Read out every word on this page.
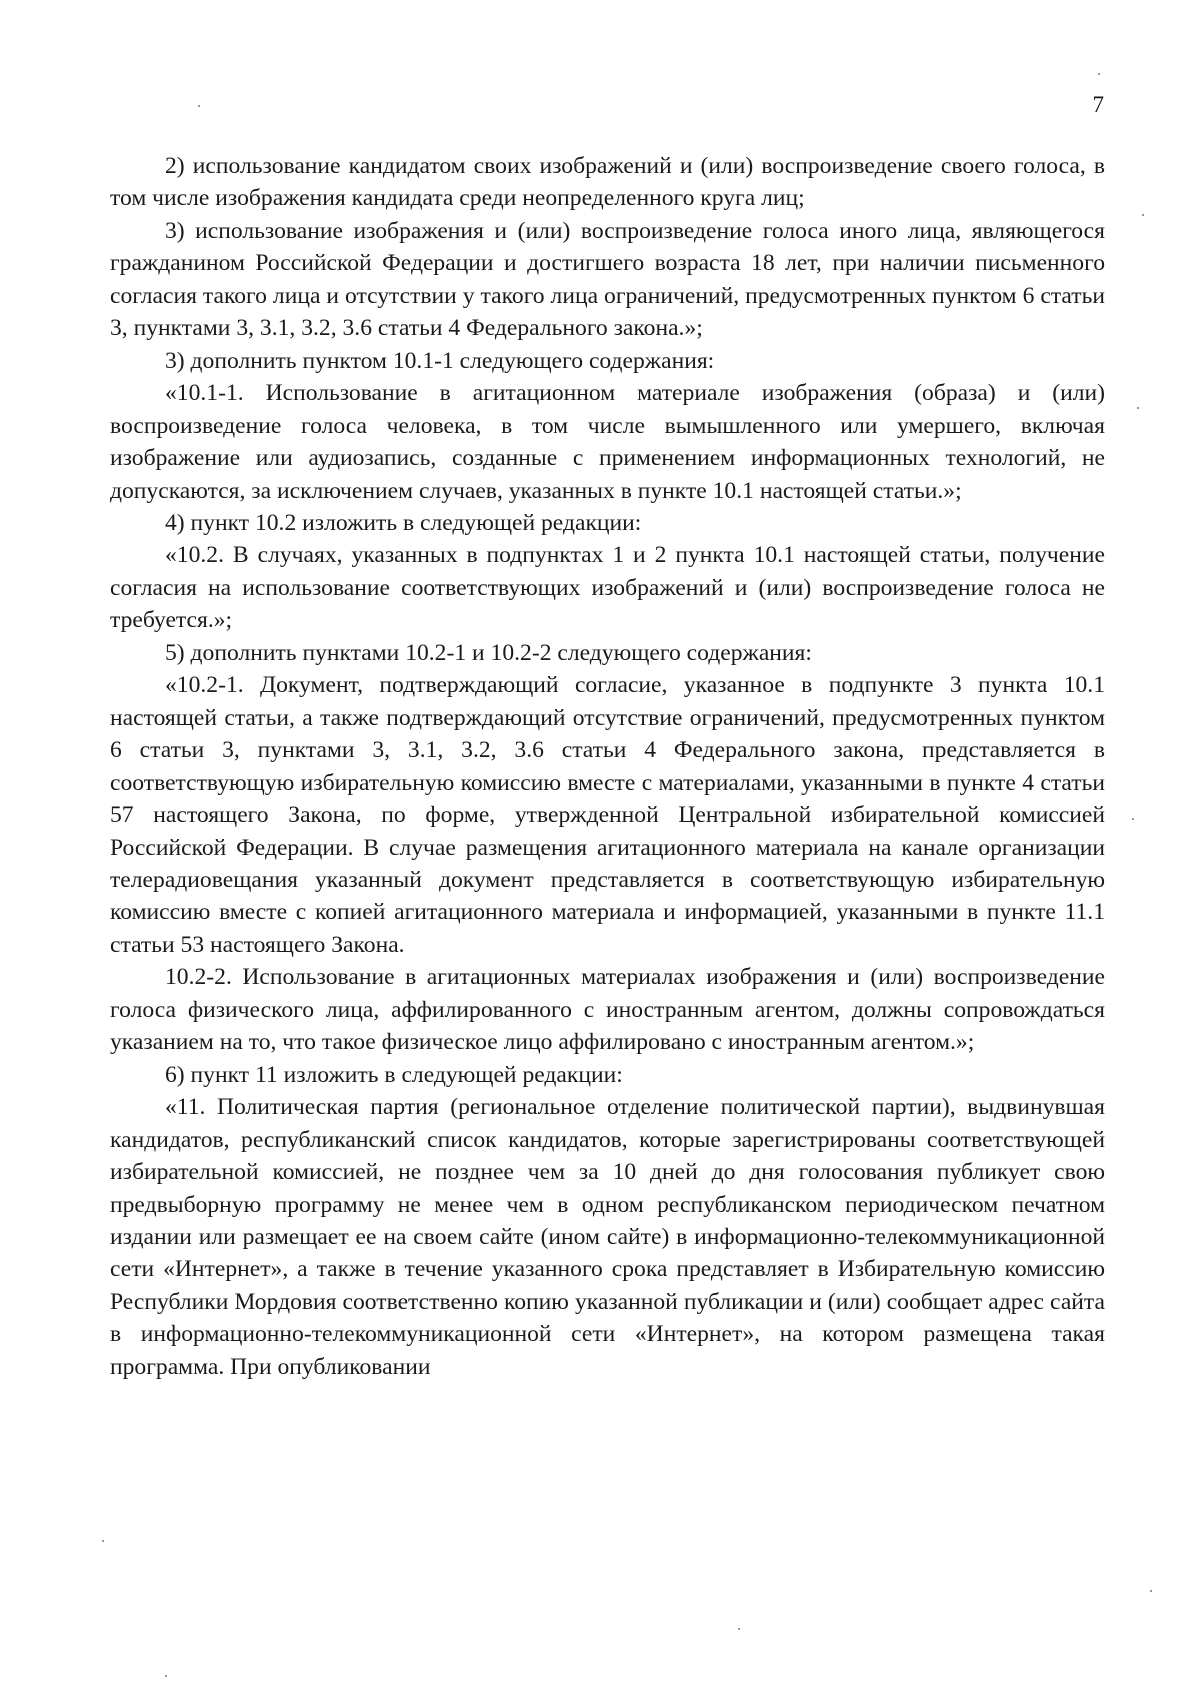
7

2) использование кандидатом своих изображений и (или) воспроизведение своего голоса, в том числе изображения кандидата среди неопределенного круга лиц;

3) использование изображения и (или) воспроизведение голоса иного лица, являющегося гражданином Российской Федерации и достигшего возраста 18 лет, при наличии письменного согласия такого лица и отсутствии у такого лица ограничений, предусмотренных пунктом 6 статьи 3, пунктами 3, 3.1, 3.2, 3.6 статьи 4 Федерального закона.»;

3) дополнить пунктом 10.1-1 следующего содержания:

«10.1-1. Использование в агитационном материале изображения (образа) и (или) воспроизведение голоса человека, в том числе вымышленного или умершего, включая изображение или аудиозапись, созданные с применением информационных технологий, не допускаются, за исключением случаев, указанных в пункте 10.1 настоящей статьи.»;

4) пункт 10.2 изложить в следующей редакции:

«10.2. В случаях, указанных в подпунктах 1 и 2 пункта 10.1 настоящей статьи, получение согласия на использование соответствующих изображений и (или) воспроизведение голоса не требуется.»;

5) дополнить пунктами 10.2-1 и 10.2-2 следующего содержания:

«10.2-1. Документ, подтверждающий согласие, указанное в подпункте 3 пункта 10.1 настоящей статьи, а также подтверждающий отсутствие ограничений, предусмотренных пунктом 6 статьи 3, пунктами 3, 3.1, 3.2, 3.6 статьи 4 Федерального закона, представляется в соответствующую избирательную комиссию вместе с материалами, указанными в пункте 4 статьи 57 настоящего Закона, по форме, утвержденной Центральной избирательной комиссией Российской Федерации. В случае размещения агитационного материала на канале организации телерадиовещания указанный документ представляется в соответствующую избирательную комиссию вместе с копией агитационного материала и информацией, указанными в пункте 11.1 статьи 53 настоящего Закона.

10.2-2. Использование в агитационных материалах изображения и (или) воспроизведение голоса физического лица, аффилированного с иностранным агентом, должны сопровождаться указанием на то, что такое физическое лицо аффилировано с иностранным агентом.»;

6) пункт 11 изложить в следующей редакции:

«11. Политическая партия (региональное отделение политической партии), выдвинувшая кандидатов, республиканский список кандидатов, которые зарегистрированы соответствующей избирательной комиссией, не позднее чем за 10 дней до дня голосования публикует свою предвыборную программу не менее чем в одном республиканском периодическом печатном издании или размещает ее на своем сайте (ином сайте) в информационно-телекоммуникационной сети «Интернет», а также в течение указанного срока представляет в Избирательную комиссию Республики Мордовия соответственно копию указанной публикации и (или) сообщает адрес сайта в информационно-телекоммуникационной сети «Интернет», на котором размещена такая программа. При опубликовании
